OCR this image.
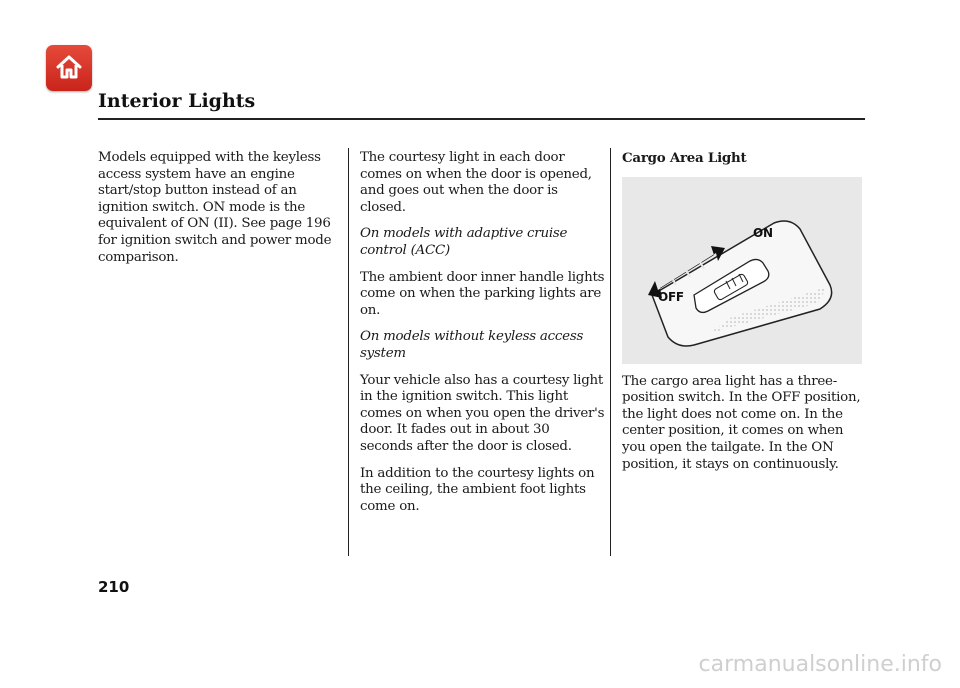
Interior Lights

Models equipped with the keyless access system have an engine start/stop button instead of an ignition switch. ON mode is the equivalent of ON (II). See page 196 for ignition switch and power mode comparison.

The courtesy light in each door comes on when the door is opened, and goes out when the door is closed.

On models with adaptive cruise control (ACC)

The ambient door inner handle lights come on when the parking lights are on.

On models without keyless access system

Your vehicle also has a courtesy light in the ignition switch. This light comes on when you open the driver's door. It fades out in about 30 seconds after the door is closed.

In addition to the courtesy lights on the ceiling, the ambient foot lights come on.

Cargo Area Light

ON
OFF

The cargo area light has a three-position switch. In the OFF position, the light does not come on. In the center position, it comes on when you open the tailgate. In the ON position, it stays on continuously.

210
carmanualsonline.info
